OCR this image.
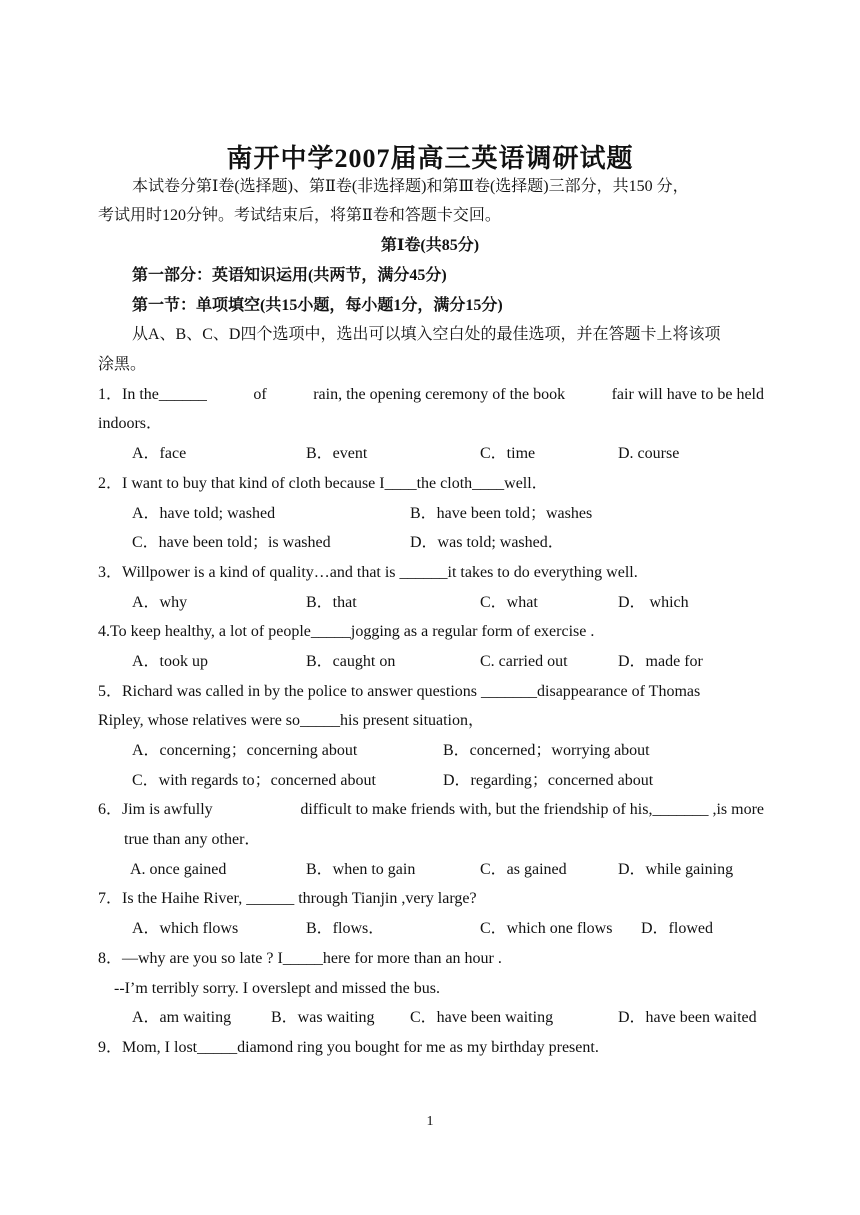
南开中学2007届高三英语调研试题
本试卷分第Ⅰ卷(选择题)、第Ⅱ卷(非选择题)和第Ⅲ卷(选择题)三部分，共150 分，
考试用时120分钟。考试结束后，将第Ⅱ卷和答题卡交回。
第Ⅰ卷(共85分)
第一部分：英语知识运用(共两节，满分45分)
第一节：单项填空(共15小题，每小题1分，满分15分)
从A、B、C、D四个选项中，选出可以填入空白处的最佳选项，并在答题卡上将该项
涂黑。
1．In the______	of	rain, the opening ceremony of the book	fair will have to be held
indoors．
A．face	B．event	C．time	D. course
2．I want to buy that kind of cloth because I____the cloth____well．
A．have told; washed	B．have been told；washes
C．have been told；is washed	D．was told; washed．
3．Willpower is a kind of quality…and that is ______it takes to do everything well.
A．why	B．that	C．what	D． which
4.To keep healthy, a lot of people_____jogging as a regular form of exercise .
A．took up	B．caught on	C. carried out	D．made for
5．Richard was called in by the police to answer questions _______disappearance of Thomas
Ripley, whose relatives were so_____his present situation，
A．concerning；concerning about	B．concerned；worrying about
C．with regards to；concerned about	D．regarding；concerned about
6．Jim is awfully	difficult to make friends with, but the friendship of his,_______ ,is more
true than any other．
A. once gained	B．when to gain	C．as gained	D．while gaining
7．Is the Haihe River, ______ through Tianjin ,very large?
A．which flows	B．flows．	C．which one flows D．flowed
8．—why are you so late ? I_____here for more than an hour .
--I’m terribly sorry. I overslept and missed the bus.
A．am waiting B．was waiting C．have been waiting	D．have been waited
9．Mom, I lost_____diamond ring you bought for me as my birthday present.
1
